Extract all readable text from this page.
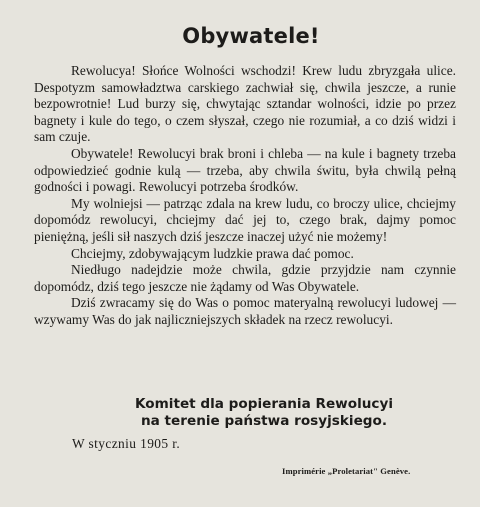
Obywatele!

Rewolucya! Słońce Wolności wschodzi! Krew ludu zbryzgała ulice. Despotyzm samowładztwa carskiego zachwiał się, chwila jeszcze, a runie bezpowrotnie! Lud burzy się, chwytając sztandar wolności, idzie po przez bagnety i kule do tego, o czem słyszał, czego nie rozumiał, a co dziś widzi i sam czuje.

Obywatele! Rewolucyi brak broni i chleba — na kule i bagnety trzeba odpowiedzieć godnie kulą — trzeba, aby chwila świtu, była chwilą pełną godności i powagi. Rewolucyi potrzeba środków.

My wolniejsi — patrząc zdala na krew ludu, co broczy ulice, chciejmy dopomódz rewolucyi, chciejmy dać jej to, czego brak, dajmy pomoc pieniężną, jeśli sił naszych dziś jeszcze inaczej użyć nie możemy!

Chciejmy, zdobywającym ludzkie prawa dać pomoc.

Niedługo nadejdzie może chwila, gdzie przyjdzie nam czynnie dopomódz, dziś tego jeszcze nie żądamy od Was Obywatele.

Dziś zwracamy się do Was o pomoc materyalną rewolucyi ludowej — wzywamy Was do jak najliczniejszych składek na rzecz rewolucyi.

Komitet dla popierania Rewolucyi
na terenie państwa rosyjskiego.
W styczniu 1905 r.
Imprimérie „Proletariat" Genève.
